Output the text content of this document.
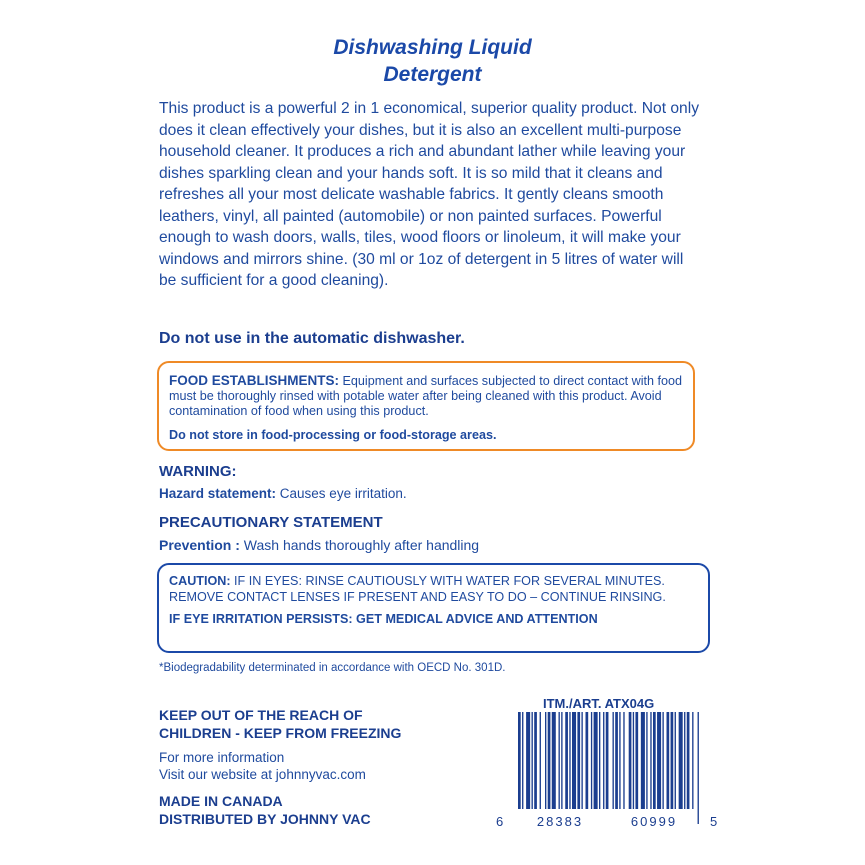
Dishwashing Liquid
Detergent
This product is a powerful 2 in 1 economical, superior quality product. Not only does it clean effectively your dishes, but it is also an excellent multi-purpose household cleaner. It produces a rich and abundant lather while leaving your dishes sparkling clean and your hands soft. It is so mild that it cleans and refreshes all your most delicate washable fabrics. It gently cleans smooth leathers, vinyl, all painted (automobile) or non painted surfaces. Powerful enough to wash doors, walls, tiles, wood floors or linoleum, it will make your windows and mirrors shine. (30 ml or 1oz of detergent in 5 litres of water will be sufficient for a good cleaning).
Do not use in the automatic dishwasher.
FOOD ESTABLISHMENTS: Equipment and surfaces subjected to direct contact with food must be thoroughly rinsed with potable water after being cleaned with this product. Avoid contamination of food when using this product.
Do not store in food-processing or food-storage areas.
WARNING:
Hazard statement: Causes eye irritation.
PRECAUTIONARY STATEMENT
Prevention : Wash hands thoroughly after handling
CAUTION: IF IN EYES: RINSE CAUTIOUSLY WITH WATER FOR SEVERAL MINUTES. REMOVE CONTACT LENSES IF PRESENT AND EASY TO DO – CONTINUE RINSING.
IF EYE IRRITATION PERSISTS: GET MEDICAL ADVICE AND ATTENTION
*Biodegradability determinated in accordance with OECD No. 301D.
KEEP OUT OF THE REACH OF
CHILDREN - KEEP FROM FREEZING
For more information
Visit our website at johnnyvac.com
MADE IN CANADA
DISTRIBUTED BY JOHNNY VAC
ITM./ART. ATX04G
6	28383	60999	5
